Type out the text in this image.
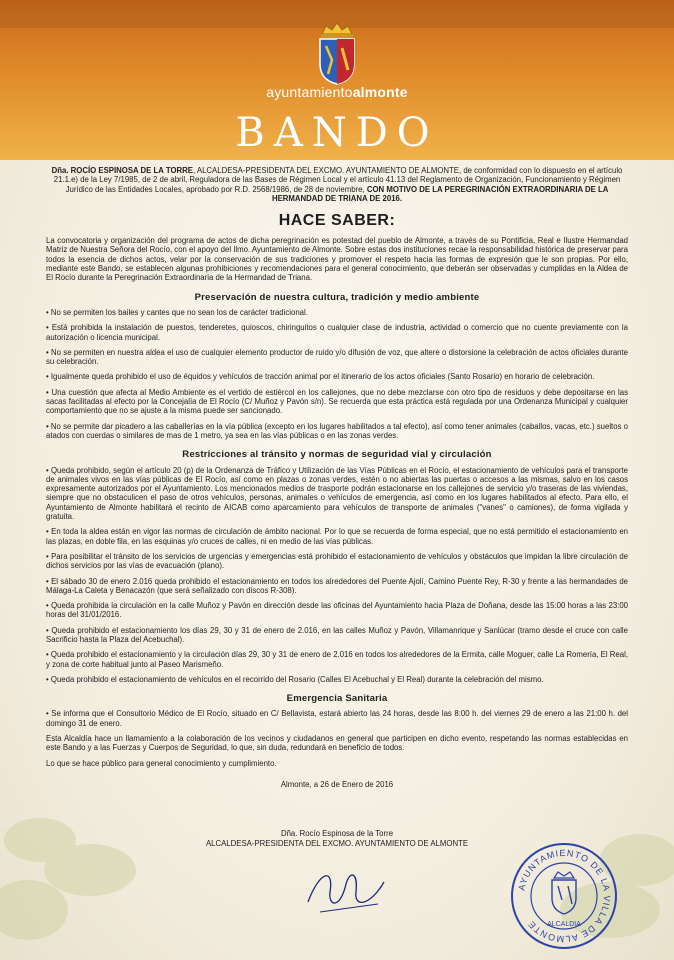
ayuntamientoalmonte
BANDO
Dña. ROCÍO ESPINOSA DE LA TORRE, ALCALDESA-PRESIDENTA DEL EXCMO. AYUNTAMIENTO DE ALMONTE, de conformidad con lo dispuesto en el artículo 21.1.e) de la Ley 7/1985, de 2 de abril, Reguladora de las Bases de Régimen Local y el artículo 41.13 del Reglamento de Organización, Funcionamiento y Régimen Jurídico de las Entidades Locales, aprobado por R.D. 2568/1986, de 28 de noviembre, CON MOTIVO DE LA PEREGRINACIÓN EXTRAORDINARIA DE LA HERMANDAD DE TRIANA DE 2016.
HACE SABER:
La convocatoria y organización del programa de actos de dicha peregrinación es potestad del pueblo de Almonte, a través de su Pontificia, Real e Ilustre Hermandad Matriz de Nuestra Señora del Rocío, con el apoyo del Ilmo. Ayuntamiento de Almonte. Sobre estas dos instituciones recae la responsabilidad histórica de preservar para todos la esencia de dichos actos, velar por la conservación de sus tradiciones y promover el respeto hacia las formas de expresión que le son propias. Por ello, mediante este Bando, se establecen algunas prohibiciones y recomendaciones para el general conocimiento, que deberán ser observadas y cumplidas en la Aldea de El Rocío durante la Peregrinación Extraordinaria de la Hermandad de Triana.
Preservación de nuestra cultura, tradición y medio ambiente
• No se permiten los bailes y cantes que no sean los de carácter tradicional.
• Está prohibida la instalación de puestos, tenderetes, quioscos, chiringuitos o cualquier clase de industria, actividad o comercio que no cuente previamente con la autorización o licencia municipal.
• No se permiten en nuestra aldea el uso de cualquier elemento productor de ruido y/o difusión de voz, que altere o distorsione la celebración de actos oficiales durante su celebración.
• Igualmente queda prohibido el uso de équidos y vehículos de tracción animal por el itinerario de los actos oficiales (Santo Rosario) en horario de celebración.
• Una cuestión que afecta al Medio Ambiente es el vertido de estiércol en los callejones, que no debe mezclarse con otro tipo de residuos y debe depositarse en las sacas facilitadas al efecto por la Concejalía de El Rocío (C/ Muñoz y Pavón s/n). Se recuerda que esta práctica está regulada por una Ordenanza Municipal y cualquier comportamiento que no se ajuste a la misma puede ser sancionado.
• No se permite dar picadero a las caballerías en la vía pública (excepto en los lugares habilitados a tal efecto), así como tener animales (caballos, vacas, etc.) sueltos o atados con cuerdas o similares de mas de 1 metro, ya sea en las vías públicas o en las zonas verdes.
Restricciones al tránsito y normas de seguridad vial y circulación
• Queda prohibido, según el artículo 20 (p) de la Ordenanza de Tráfico y Utilización de las Vías Públicas en el Rocío, el estacionamiento de vehículos para el transporte de animales vivos en las vías públicas de El Rocío, así como en plazas o zonas verdes, estén o no abiertas las puertas o accesos a las mismas, salvo en los casos expresamente autorizados por el Ayuntamiento. Los mencionados medios de trasporte podrán estacionarse en los callejones de servicio y/o traseras de las viviendas, siempre que no obstaculicen el paso de otros vehículos, personas, animales o vehículos de emergencia, así como en los lugares habilitados al efecto. Para ello, el Ayuntamiento de Almonte habilitará el recinto de AICAB como aparcamiento para vehículos de transporte de animales ("vanes" o camiones), de forma vigilada y gratuita.
• En toda la aldea están en vigor las normas de circulación de ámbito nacional. Por lo que se recuerda de forma especial, que no está permitido el estacionamiento en las plazas, en doble fila, en las esquinas y/o cruces de calles, ni en medio de las vías públicas.
• Para posibilitar el tránsito de los servicios de urgencias y emergencias está prohibido el estacionamiento de vehículos y obstáculos que impidan la libre circulación de dichos servicios por las vías de evacuación (plano).
• El sábado 30 de enero 2.016 queda prohibido el estacionamiento en todos los alrededores del Puente Ajolí, Camino Puente Rey, R-30 y frente a las hermandades de Málaga-La Caleta y Benacazón (que será señalizado con discos R-308).
• Queda prohibida la circulación en la calle Muñoz y Pavón en dirección desde las oficinas del Ayuntamiento hacia Plaza de Doñana, desde las 15:00 horas a las 23:00 horas del 31/01/2016.
• Queda prohibido el estacionamiento los días 29, 30 y 31 de enero de 2.016, en las calles Muñoz y Pavón, Villamanrique y Sanlúcar (tramo desde el cruce con calle Sacrificio hasta la Plaza del Acebuchal).
• Queda prohibido el estacionamiento y la circulación días 29, 30 y 31 de enero de 2.016 en todos los alrededores de la Ermita, calle Moguer, calle La Romería, El Real, y zona de corte habitual junto al Paseo Marismeño.
• Queda prohibido el estacionamiento de vehículos en el recorrido del Rosario (Calles El Acebuchal y El Real) durante la celebración del mismo.
Emergencia Sanitaria
• Se informa que el Consultorio Médico de El Rocío, situado en C/ Bellavista, estará abierto las 24 horas, desde las 8:00 h. del viernes 29 de enero a las 21:00 h. del domingo 31 de enero.
Esta Alcaldía hace un llamamiento a la colaboración de los vecinos y ciudadanos en general que participen en dicho evento, respetando las normas establecidas en este Bando y a las Fuerzas y Cuerpos de Seguridad, lo que, sin duda, redundará en beneficio de todos.
Lo que se hace público para general conocimiento y cumplimiento.
Almonte, a 26 de Enero de 2016
Dña. Rocío Espinosa de la Torre
ALCALDESA-PRESIDENTA DEL EXCMO. AYUNTAMIENTO DE ALMONTE
AYUNTAMIENTO DE LA VILLA DE ALMONTE	ALCALDIA
